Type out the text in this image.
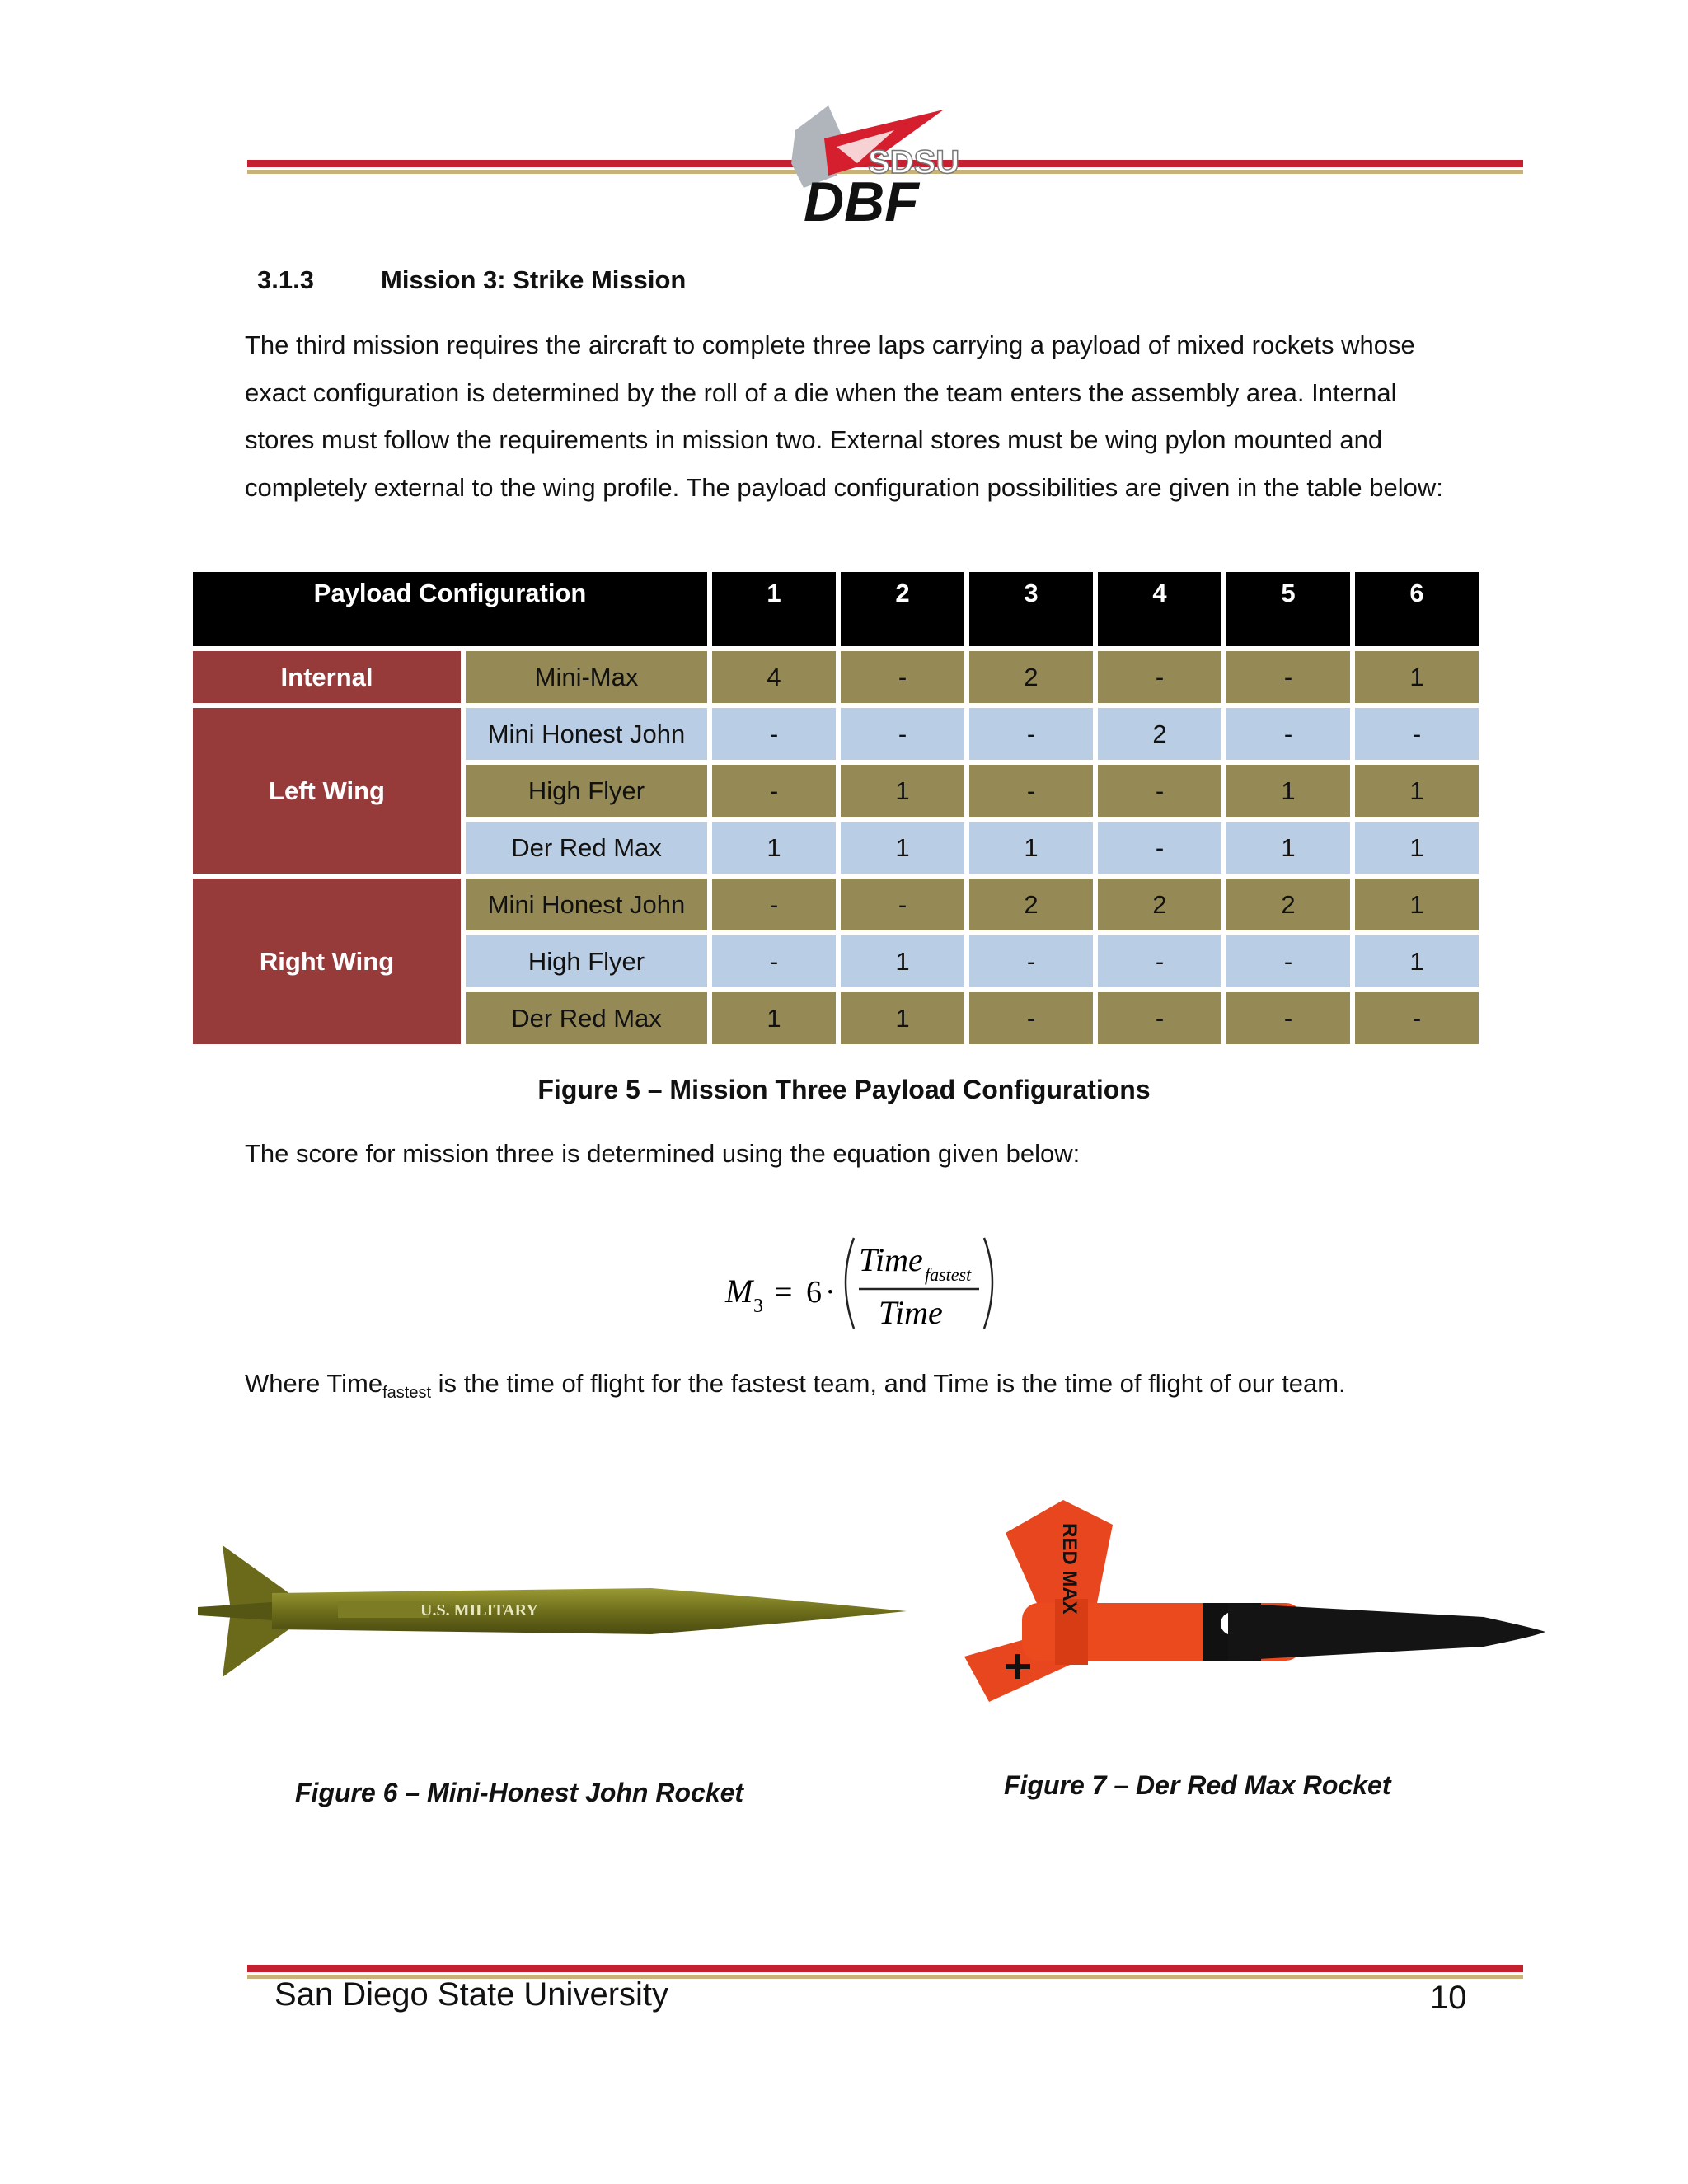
SDSU
DBF
3.1.3	Mission 3: Strike Mission
The third mission requires the aircraft to complete three laps carrying a payload of mixed rockets whose exact configuration is determined by the roll of a die when the team enters the assembly area. Internal stores must follow the requirements in mission two. External stores must be wing pylon mounted and completely external to the wing profile. The payload configuration possibilities are given in the table below:
Payload Configuration		1	2	3	4	5	6
Internal	Mini-Max	4	-	2	-	-	1
Left Wing	Mini Honest John	-	-	-	2	-	-
	High Flyer	-	1	-	-	1	1
	Der Red Max	1	1	1	-	1	1
Right Wing	Mini Honest John	-	-	2	2	2	1
	High Flyer	-	1	-	-	-	1
	Der Red Max	1	1	-	-	-	-
Figure 5 – Mission Three Payload Configurations
The score for mission three is determined using the equation given below:
M 3 = 6 ·
Time fastest
Time
Where Time$_{fastest}$ is the time of flight for the fastest team, and Time is the time of flight of our team.
U.S. MILITARY	RED MAX
Figure 6 – Mini-Honest John Rocket	Figure 7 – Der Red Max Rocket
San Diego State University	10
